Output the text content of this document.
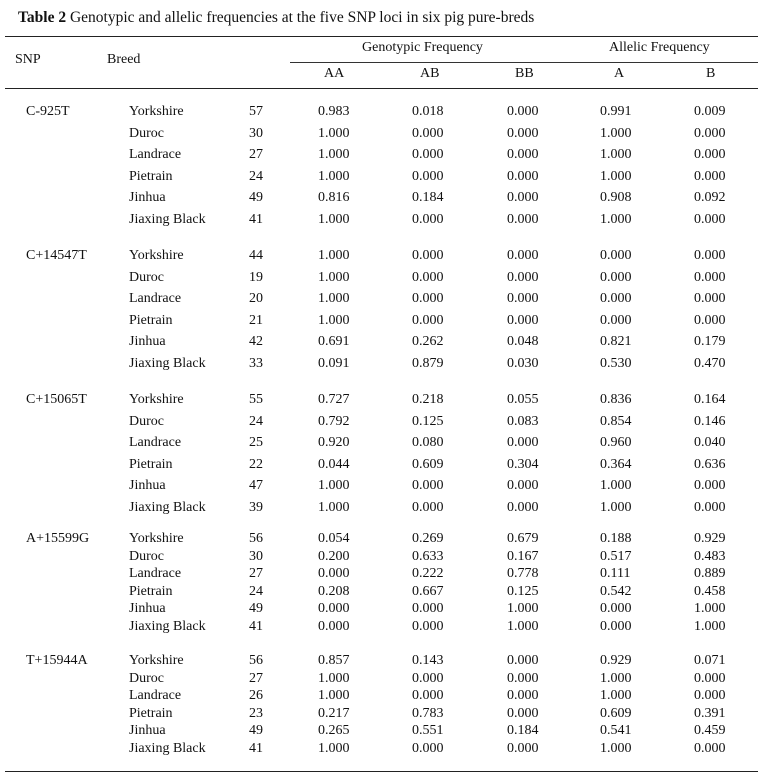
Table 2 Genotypic and allelic frequencies at the five SNP loci in six pig pure-breds
SNP	Breed
Genotypic Frequency	Allelic Frequency
AA	AB	BB	A	B
C-925T	Yorkshire	57	0.983	0.018	0.000	0.991	0.009
Duroc	30	1.000	0.000	0.000	1.000	0.000
Landrace	27	1.000	0.000	0.000	1.000	0.000
Pietrain	24	1.000	0.000	0.000	1.000	0.000
Jinhua	49	0.816	0.184	0.000	0.908	0.092
Jiaxing Black	41	1.000	0.000	0.000	1.000	0.000
C+14547T	Yorkshire	44	1.000	0.000	0.000	0.000	0.000
Duroc	19	1.000	0.000	0.000	0.000	0.000
Landrace	20	1.000	0.000	0.000	0.000	0.000
Pietrain	21	1.000	0.000	0.000	0.000	0.000
Jinhua	42	0.691	0.262	0.048	0.821	0.179
Jiaxing Black	33	0.091	0.879	0.030	0.530	0.470
C+15065T	Yorkshire	55	0.727	0.218	0.055	0.836	0.164
Duroc	24	0.792	0.125	0.083	0.854	0.146
Landrace	25	0.920	0.080	0.000	0.960	0.040
Pietrain	22	0.044	0.609	0.304	0.364	0.636
Jinhua	47	1.000	0.000	0.000	1.000	0.000
Jiaxing Black	39	1.000	0.000	0.000	1.000	0.000
A+15599G	Yorkshire	56	0.054	0.269	0.679	0.188	0.929
Duroc	30	0.200	0.633	0.167	0.517	0.483
Landrace	27	0.000	0.222	0.778	0.111	0.889
Pietrain	24	0.208	0.667	0.125	0.542	0.458
Jinhua	49	0.000	0.000	1.000	0.000	1.000
Jiaxing Black	41	0.000	0.000	1.000	0.000	1.000
T+15944A	Yorkshire	56	0.857	0.143	0.000	0.929	0.071
Duroc	27	1.000	0.000	0.000	1.000	0.000
Landrace	26	1.000	0.000	0.000	1.000	0.000
Pietrain	23	0.217	0.783	0.000	0.609	0.391
Jinhua	49	0.265	0.551	0.184	0.541	0.459
Jiaxing Black	41	1.000	0.000	0.000	1.000	0.000
